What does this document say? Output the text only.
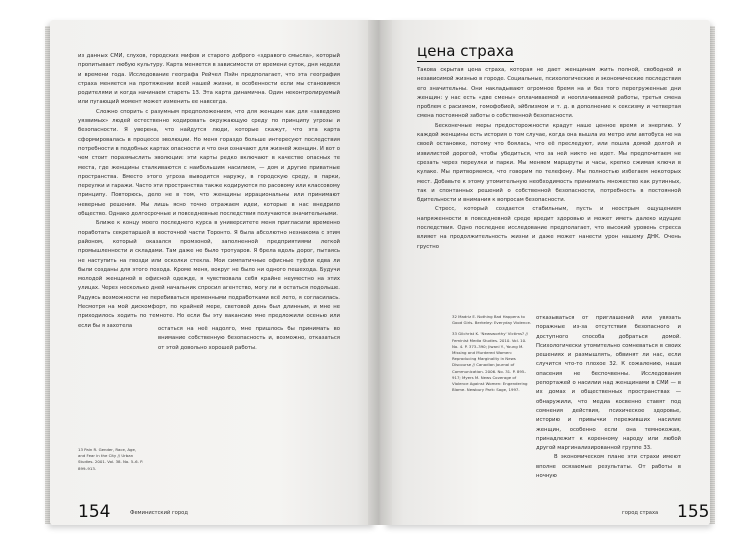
из данных СМИ, слухов, городских мифов и старого доброго «здравого смысла», который пропитывает любую культуру. Карта меняется в зависимости от времени суток, дня недели и времени года. Исследование географа Рейчел Пэйн предполагает, что эта география страха меняется на протяжении всей нашей жизни, в особенности если мы становимся родителями и когда начинаем стареть 13. Эта карта динамична. Один неконтролируемый или пугающий момент может изменить ее навсегда.

Сложно спорить с разумным предположением, что для женщин как для «заведомо уязвимых» людей естественно кодировать окружающую среду по принципу угрозы и безопасности. Я уверена, что найдутся люди, которые скажут, что эта карта сформировалась в процессе эволюции. Но меня гораздо больше интересуют последствия потребности в подобных картах опасности и что они означают для жизней женщин. И вот о чем стоит поразмыслить эволюции: эти карты редко включают в качестве опасных те места, где женщины сталкиваются с наибольшим насилием, — дом и другие приватные пространства. Вместо этого угроза выводится наружу, в городскую среду, в парки, переулки и гаражи. Часто эти пространства также кодируются по расовому или классовому принципу. Повторюсь, дело не в том, что женщины иррациональны или принимают неверные решения. Мы лишь ясно точно отражаем идеи, которые в нас внедрило общество. Однако долгосрочные и повседневные последствия получаются значительными.

Ближе к концу моего последнего курса в университете меня пригласили временно поработать секретаршей в восточной части Торонто. Я была абсолютно незнакома с этим районом, который оказался промзоной, заполненной предприятиями легкой промышленности и складами. Там даже не было тротуаров. Я брела вдоль дорог, пытаясь не наступить на гвозди или осколки стекла. Мои симпатичные офисные туфли едва ли были созданы для этого похода. Кроме меня, вокруг не было ни одного пешехода. Будучи молодой женщиной в офисной одежде, я чувствовала себя крайне неуместно на этих улицах. Через несколько дней начальник спросил агентство, могу ли я остаться подольше. Радуясь возможности не перебиваться временными подработками всё лето, я согласилась. Несмотря на мой дискомфорт, по крайней мере, световой день был длинным, и мне не приходилось ходить по темноте. Но если бы эту вакансию мне предложили осенью или если бы я захотела

13 Pain R. Gender, Race, Age, and Fear in the City // Urban Studies. 2001. Vol. 38. No. 5–6. P. 899–913.

остаться на неё надолго, мне пришлось бы принимать во внимание собственную безопасность и, возможно, отказаться от этой довольно хорошей работы.

154	Феминистский город

цена страха

Такова скрытая цена страха, которая не дает женщинам жить полной, свободной и независимой жизнью в городе. Социальные, психологические и экономические последствия его значительны. Они накладывают огромное бремя на и без того перегруженные дни женщин: у нас есть «две смены» оплачиваемой и неоплачиваемой работы, третья смена проблем с расизмом, гомофобией, эйблизмом и т. д. в дополнение к сексизму и четвертая смена постоянной заботы о собственной безопасности.

Бесконечные меры предосторожности крадут наше ценное время и энергию. У каждой женщины есть история о том случае, когда она вышла из метро или автобуса не на своей остановке, потому что боялась, что её преследуют, или пошла домой долгой и извилистой дорогой, чтобы убедиться, что за ней никто не идет. Мы предпочитаем не срезать через переулки и парки. Мы меняем маршруты и часы, крепко сжимая ключи в кулаке. Мы притворяемся, что говорим по телефону. Мы полностью избегаем некоторых мест. Добавьте к этому утомительную необходимость принимать множество как рутинных, так и спонтанных решений о собственной безопасности, потребность в постоянной бдительности и внимания к вопросам безопасности.

Стресс, который создается стабильным, пусть и неострым ощущением напряженности в повседневной среде вредит здоровью и может иметь далеко идущие последствия. Одно последнее исследование предполагает, что высокий уровень стресса влияет на продолжительность жизни и даже может нанести урон нашему ДНК. Очень грустно

32 Madriz E. Nothing Bad Happens to Good Girls. Berkeley: Everyday Violence.

33 Gilchrist K. 'Newsworthy' Victims? // Feminist Media Studies. 2010. Vol. 10. No. 4. P. 373–390; Jiwani Y., Young M. Missing and Murdered Women: Reproducing Marginality in News Discourse // Canadian Journal of Communication. 2006. No. 31. P. 895–917; Myers M. News Coverage of Violence Against Women: Engendering Blame. Newbury Park: Sage, 1997.

отказываться от приглашений или увязать поражные из-за отсутствия безопасного и доступного способа добраться домой. Психологически утомительно сомневаться в своих решениях и размышлять, обвинят ли нас, если случится что-то плохое 32. К сожалению, наши опасения не беспочвенны. Исследования репортажей о насилии над женщинами в СМИ — в их домах и общественных пространствах — обнаружили, что медиа косвенно ставят под сомнения действия, психическое здоровье, историю и привычки переживших насилие женщин, особенно если она темнокожая, принадлежит к коренному народу или любой другой маргинализированной группе 33.

В экономическом плане эти страхи имеют вполне осязаемые результаты. От работы в ночную

город страха 155
